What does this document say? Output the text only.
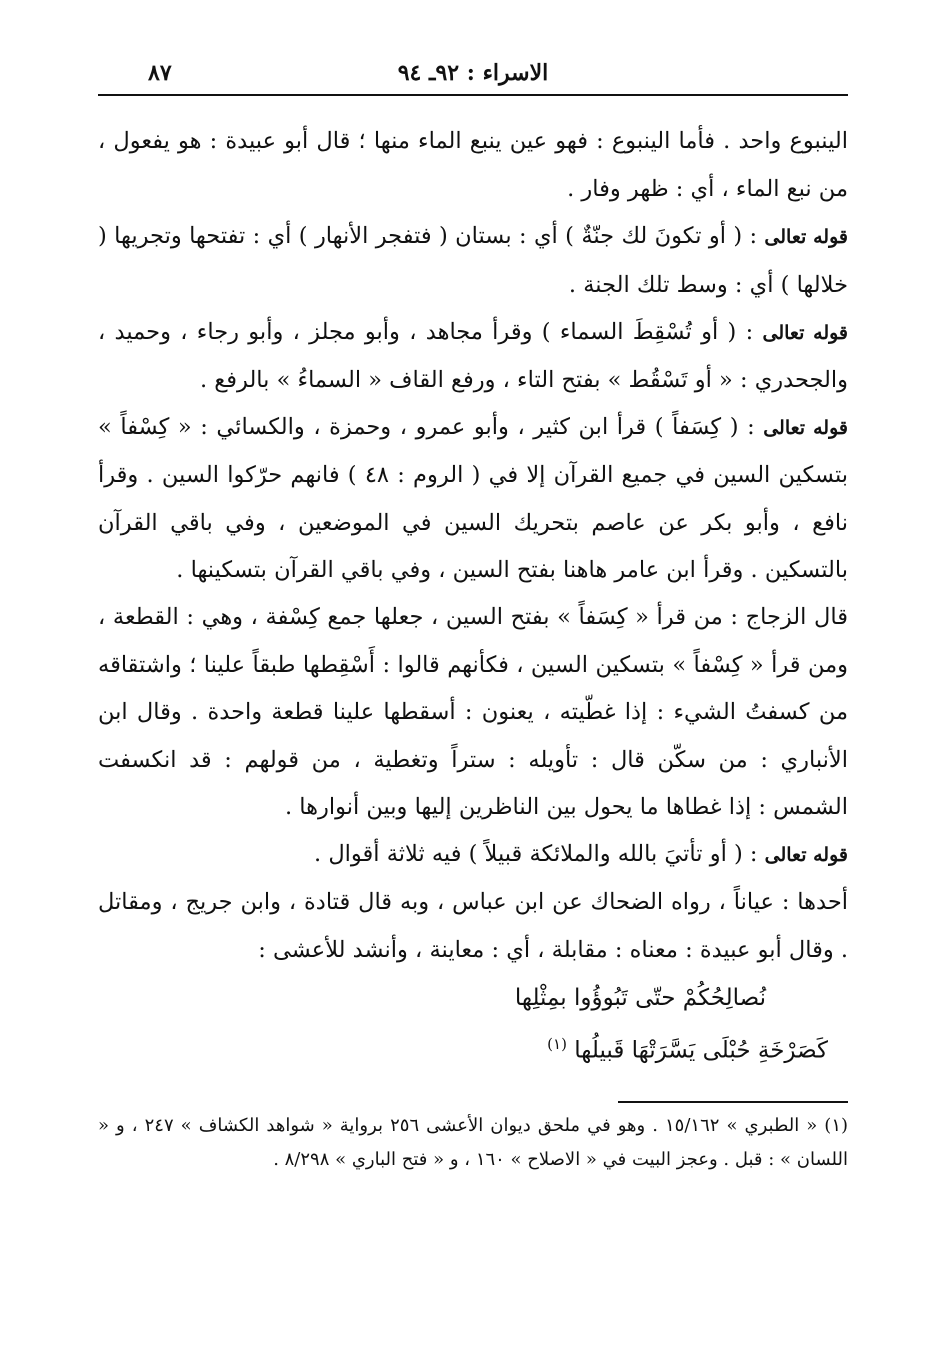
الاسراء : ٩٢ـ ٩٤
٨٧

الينبوع واحد . فأما الينبوع : فهو عين ينبع الماء منها ؛ قال أبو عبيدة : هو يفعول ، من نبع الماء ، أي : ظهر وفار .

قوله تعالى : ( أو تكونَ لك جنّةٌ ) أي : بستان ( فتفجر الأنهار ) أي : تفتحها وتجريها ( خلالها ) أي : وسط تلك الجنة .

قوله تعالى : ( أو تُسْقِطَ السماء ) وقرأ مجاهد ، وأبو مجلز ، وأبو رجاء ، وحميد ، والجحدري : « أو تَسْقُط » بفتح التاء ، ورفع القاف « السماءُ » بالرفع .

قوله تعالى : ( كِسَفاً ) قرأ ابن كثير ، وأبو عمرو ، وحمزة ، والكسائي : « كِسْفاً » بتسكين السين في جميع القرآن إلا في ( الروم : ٤٨ ) فانهم حرّكوا السين . وقرأ نافع ، وأبو بكر عن عاصم بتحريك السين في الموضعين ، وفي باقي القرآن بالتسكين . وقرأ ابن عامر هاهنا بفتح السين ، وفي باقي القرآن بتسكينها .

قال الزجاج : من قرأ « كِسَفاً » بفتح السين ، جعلها جمع كِسْفة ، وهي : القطعة ، ومن قرأ « كِسْفاً » بتسكين السين ، فكأنهم قالوا : أَسْقِطها طبقاً علينا ؛ واشتقاقه من كسفتُ الشيء : إذا غطّيته ، يعنون : أسقطها علينا قطعة واحدة . وقال ابن الأنباري : من سكّن قال : تأويله : ستراً وتغطية ، من قولهم : قد انكسفت الشمس : إذا غطاها ما يحول بين الناظرين إليها وبين أنوارها .

قوله تعالى : ( أو تأتيَ بالله والملائكة قبيلاً ) فيه ثلاثة أقوال .

أحدها : عياناً ، رواه الضحاك عن ابن عباس ، وبه قال قتادة ، وابن جريج ، ومقاتل . وقال أبو عبيدة : معناه : مقابلة ، أي : معاينة ، وأنشد للأعشى :

نُصالِحُكُمْ حتّى تَبُوؤُوا بمِثْلِها
كَصَرْخَةِ حُبْلَى يَسَّرَتْهَا قَبيلُها $^{(١)}$

(١) « الطبري » ١٥/١٦٢ . وهو في ملحق ديوان الأعشى ٢٥٦ برواية « شواهد الكشاف » ٢٤٧ ، و « اللسان » : قبل . وعجز البيت في « الاصلاح » ١٦٠ ، و « فتح الباري » ٨/٢٩٨ .
